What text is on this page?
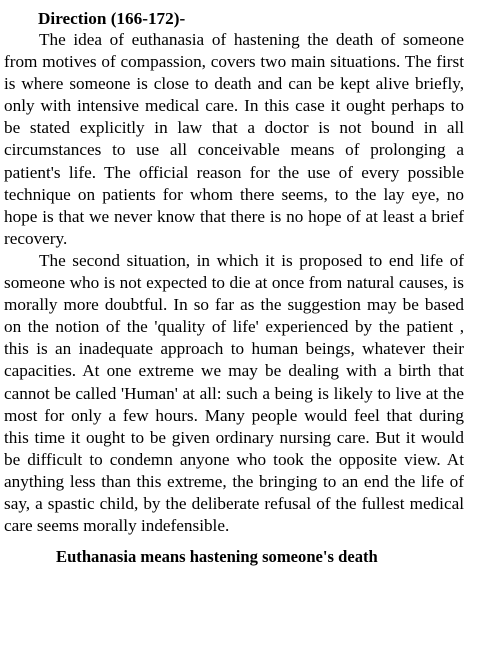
Direction (166-172)-

The idea of euthanasia of hastening the death of someone from motives of compassion, covers two main situations. The first is where someone is close to death and can be kept alive briefly, only with intensive medical care. In this case it ought perhaps to be stated explicitly in law that a doctor is not bound in all circumstances to use all conceivable means of prolonging a patient's life. The official reason for the use of every possible technique on patients for whom there seems, to the lay eye, no hope is that we never know that there is no hope of at least a brief recovery.

The second situation, in which it is proposed to end life of someone who is not expected to die at once from natural causes, is morally more doubtful. In so far as the suggestion may be based on the notion of the 'quality of life' experienced by the patient , this is an inadequate approach to human beings, whatever their capacities. At one extreme we may be dealing with a birth that cannot be called 'Human' at all: such a being is likely to live at the most for only a few hours. Many people would feel that during this time it ought to be given ordinary nursing care. But it would be difficult to condemn anyone who took the opposite view. At anything less than this extreme, the bringing to an end the life of say, a spastic child, by the deliberate refusal of the fullest medical care seems morally indefensible.

Euthanasia means hastening someone's death
